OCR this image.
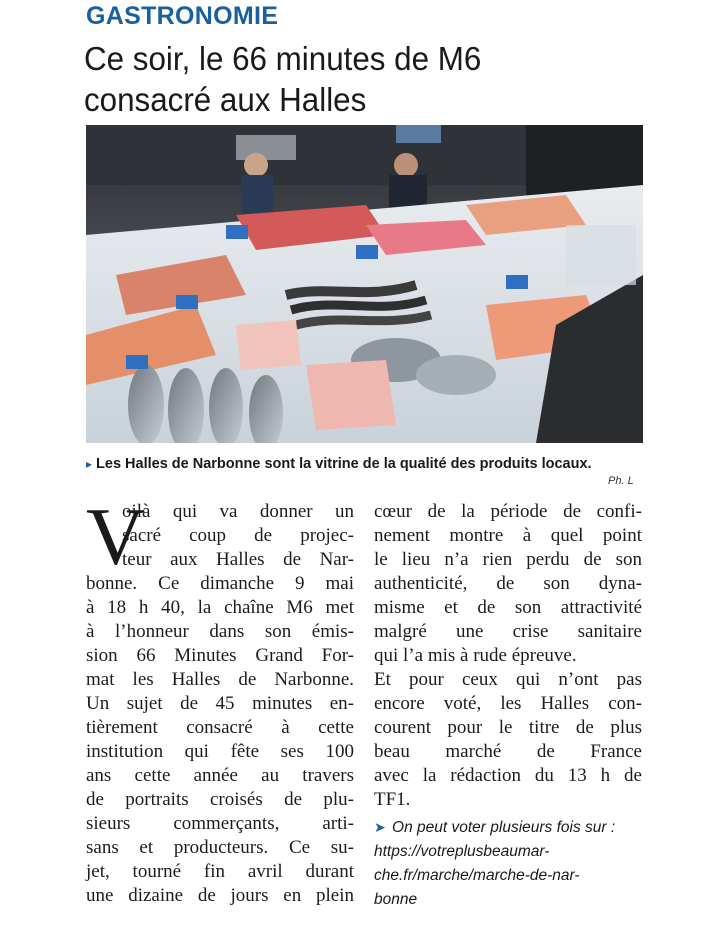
GASTRONOMIE
Ce soir, le 66 minutes de M6
consacré aux Halles
▸ Les Halles de Narbonne sont la vitrine de la qualité des produits locaux.
Ph. L
V
oilà qui va donner un
sacré coup de projec-
teur aux Halles de Nar-
bonne. Ce dimanche 9 mai
à 18 h 40, la chaîne M6 met
à l’honneur dans son émis-
sion 66 Minutes Grand For-
mat les Halles de Narbonne.
Un sujet de 45 minutes en-
tièrement consacré à cette
institution qui fête ses 100
ans cette année au travers
de portraits croisés de plu-
sieurs commerçants, arti-
sans et producteurs. Ce su-
jet, tourné fin avril durant
une dizaine de jours en plein
cœur de la période de confi-
nement montre à quel point
le lieu n’a rien perdu de son
authenticité, de son dyna-
misme et de son attractivité
malgré une crise sanitaire
qui l’a mis à rude épreuve.
Et pour ceux qui n’ont pas
encore voté, les Halles con-
courent pour le titre de plus
beau marché de France
avec la rédaction du 13 h de
TF1.
➤ On peut voter plusieurs fois sur :
https://votreplusbeaumar-
che.fr/marche/marche-de-nar-
bonne
